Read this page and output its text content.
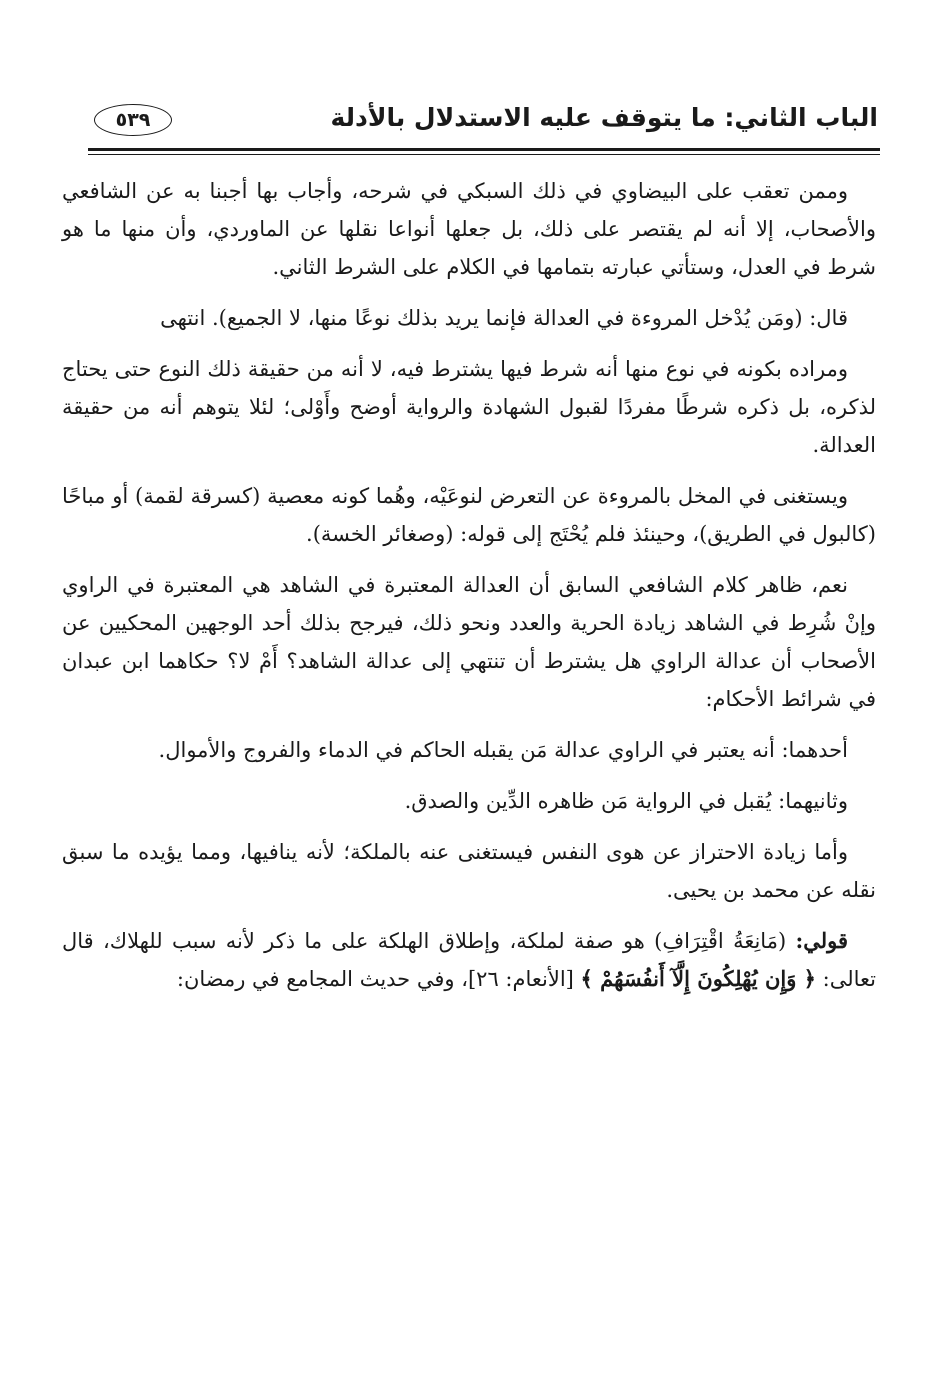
الباب الثاني: ما يتوقف عليه الاستدلال بالأدلة
٥٣٩

وممن تعقب على البيضاوي في ذلك السبكي في شرحه، وأجاب بها أجبنا به عن الشافعي والأصحاب، إلا أنه لم يقتصر على ذلك، بل جعلها أنواعا نقلها عن الماوردي، وأن منها ما هو شرط في العدل، وستأتي عبارته بتمامها في الكلام على الشرط الثاني.

قال: (ومَن يُدْخل المروءة في العدالة فإنما يريد بذلك نوعًا منها، لا الجميع). انتهى

ومراده بكونه في نوع منها أنه شرط فيها يشترط فيه، لا أنه من حقيقة ذلك النوع حتى يحتاج لذكره، بل ذكره شرطًا مفردًا لقبول الشهادة والرواية أوضح وأَوْلى؛ لئلا يتوهم أنه من حقيقة العدالة.

ويستغنى في المخل بالمروءة عن التعرض لنوعَيْه، وهُما كونه معصية (كسرقة لقمة) أو مباحًا (كالبول في الطريق)، وحينئذ فلم يُحْتَج إلى قوله: (وصغائر الخسة).

نعم، ظاهر كلام الشافعي السابق أن العدالة المعتبرة في الشاهد هي المعتبرة في الراوي وإنْ شُرِط في الشاهد زيادة الحرية والعدد ونحو ذلك، فيرجح بذلك أحد الوجهين المحكيين عن الأصحاب أن عدالة الراوي هل يشترط أن تنتهي إلى عدالة الشاهد؟ أَمْ لا؟ حكاهما ابن عبدان في شرائط الأحكام:

أحدهما: أنه يعتبر في الراوي عدالة مَن يقبله الحاكم في الدماء والفروج والأموال.

وثانيهما: يُقبل في الرواية مَن ظاهره الدِّين والصدق.

وأما زيادة الاحتراز عن هوى النفس فيستغنى عنه بالملكة؛ لأنه ينافيها، ومما يؤيده ما سبق نقله عن محمد بن يحيى.

قولي: (مَانِعَةُ اقْتِرَافِ) هو صفة لملكة، وإطلاق الهلكة على ما ذكر لأنه سبب للهلاك، قال تعالى: ﴿ وَإِن يُهْلِكُونَ إِلَّآ أَنفُسَهُمْ ﴾ [الأنعام: ٢٦]، وفي حديث المجامع في رمضان:
